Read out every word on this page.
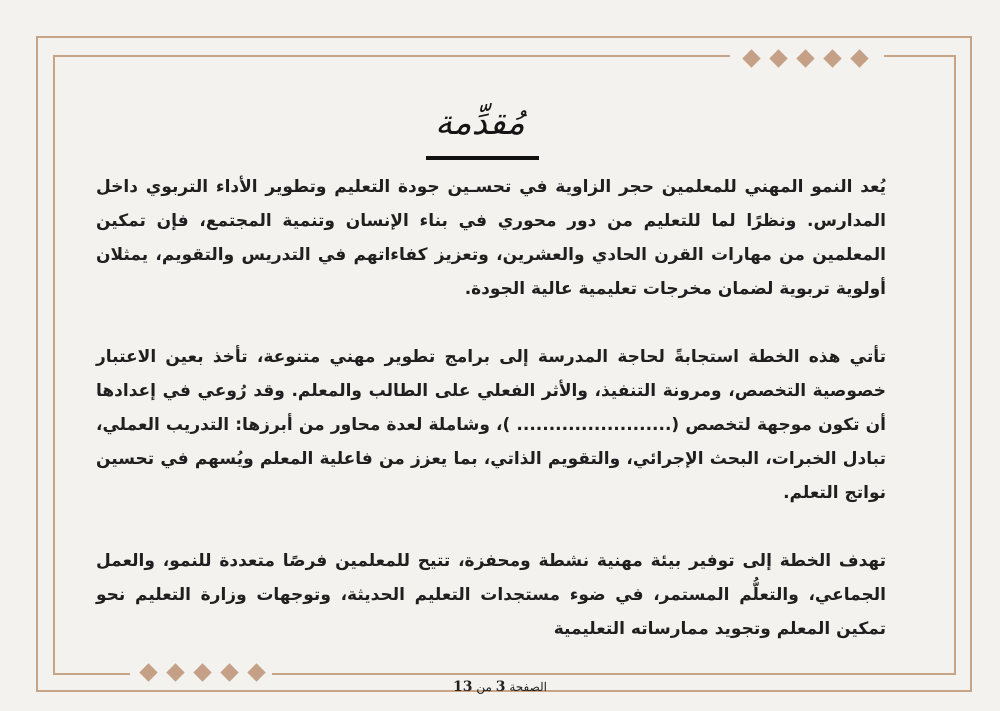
مُقدِّمة

يُعد النمو المهني للمعلمين حجر الزاوية في تحسـين جودة التعليم وتطوير الأداء التربوي داخل المدارس. ونظرًا لما للتعليم من دور محوري في بناء الإنسان وتنمية المجتمع، فإن تمكين المعلمين من مهارات القرن الحادي والعشرين، وتعزيز كفاءاتهم في التدريس والتقويم، يمثلان أولوية تربوية لضمان مخرجات تعليمية عالية الجودة.

تأتي هذه الخطة استجابةً لحاجة المدرسة إلى برامج تطوير مهني متنوعة، تأخذ بعين الاعتبار خصوصية التخصص، ومرونة التنفيذ، والأثر الفعلي على الطالب والمعلم. وقد رُوعي في إعدادها أن تكون موجهة لتخصص (........................ )، وشاملة لعدة محاور من أبرزها: التدريب العملي، تبادل الخبرات، البحث الإجرائي، والتقويم الذاتي، بما يعزز من فاعلية المعلم ويُسهم في تحسين نواتج التعلم.

تهدف الخطة إلى توفير بيئة مهنية نشطة ومحفزة، تتيح للمعلمين فرصًا متعددة للنمو، والعمل الجماعي، والتعلُّم المستمر، في ضوء مستجدات التعليم الحديثة، وتوجهات وزارة التعليم نحو تمكين المعلم وتجويد ممارساته التعليمية

الصفحة 3 من 13
